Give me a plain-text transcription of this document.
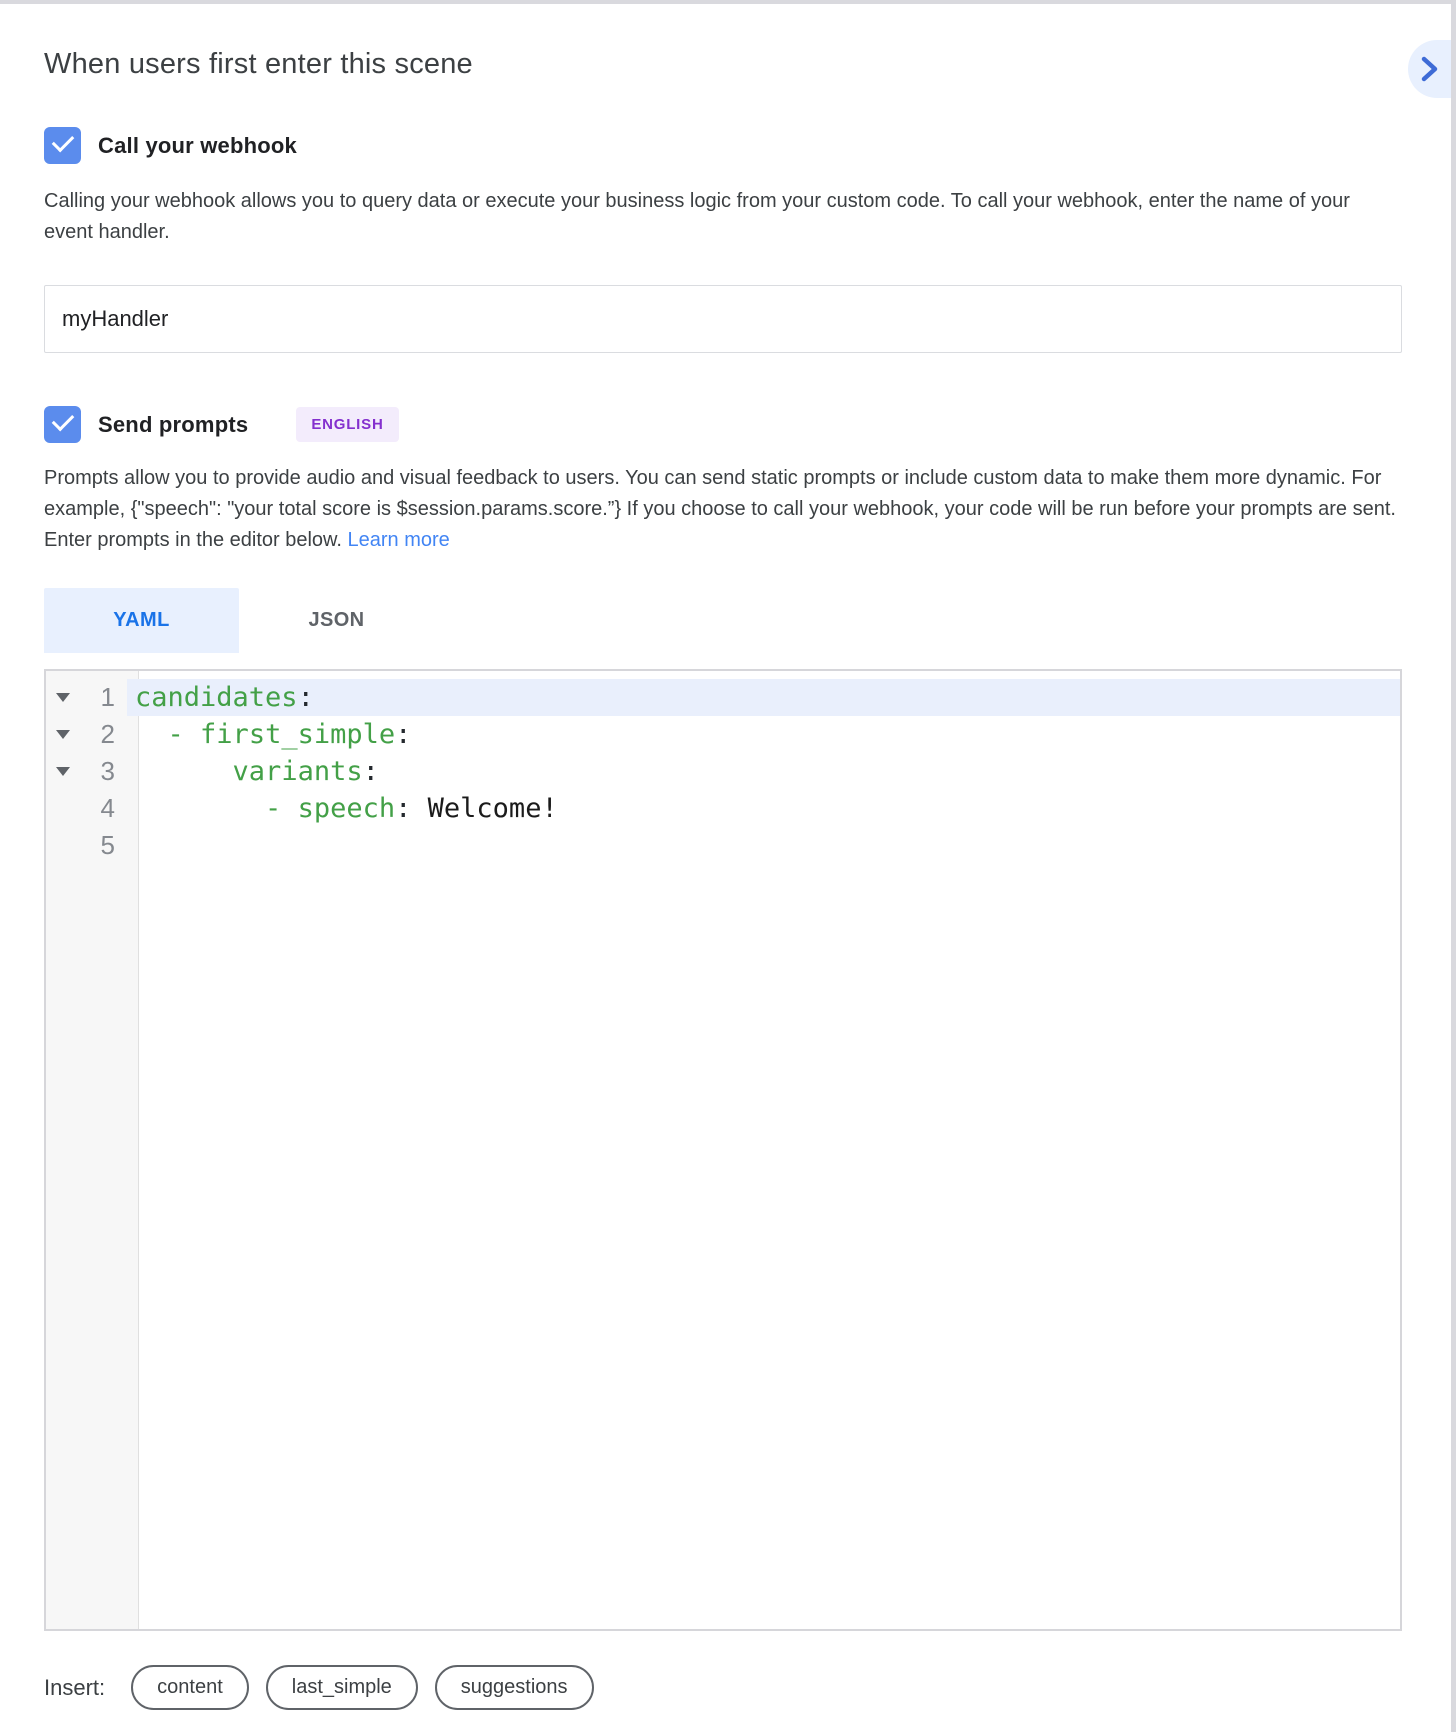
When users first enter this scene
Call your webhook

Calling your webhook allows you to query data or execute your business logic from your custom code. To call your webhook, enter the name of your event handler.

myHandler
Send prompts	ENGLISH

Prompts allow you to provide audio and visual feedback to users. You can send static prompts or include custom data to make them more dynamic. For example, {"speech": "your total score is $session.params.score.”} If you choose to call your webhook, your code will be run before your prompts are sent. Enter prompts in the editor below. Learn more

YAML	JSON
1 candidates :
2
	-
first_simple :
3
	variants :
4
	-
speech :
Welcome!
5
Insert:	content	last_simple	suggestions
